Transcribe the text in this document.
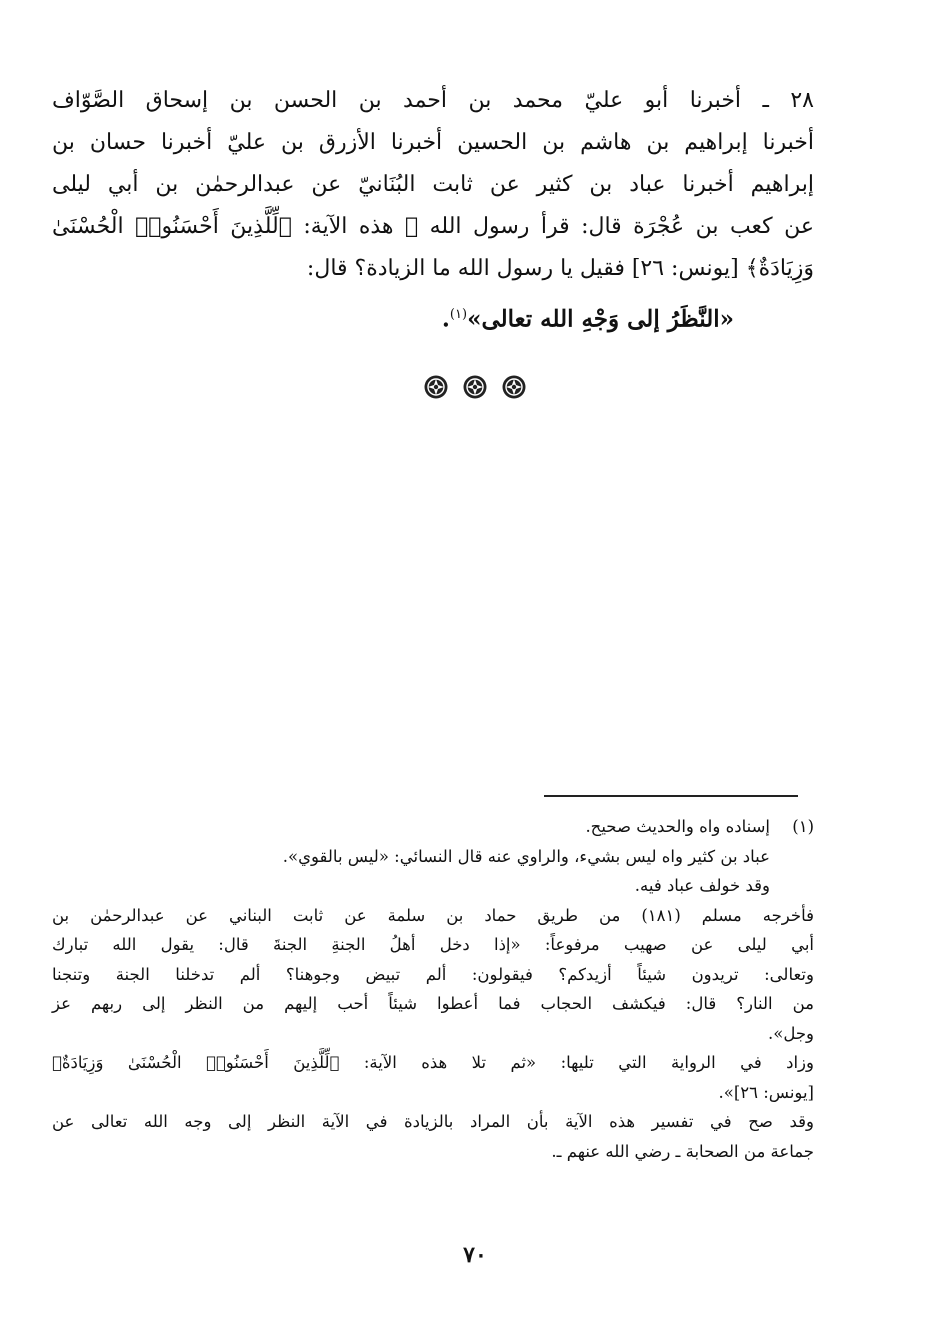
٢٨ ـ أخبرنا أبو عليّ محمد بن أحمد بن الحسن بن إسحاق الصَّوّاف
أخبرنا إبراهيم بن هاشم بن الحسين أخبرنا الأزرق بن عليّ أخبرنا حسان بن
إبراهيم أخبرنا عباد بن كثير عن ثابت البُنَانيّ عن عبدالرحمٰن بن أبي ليلى
عن كعب بن عُجْرَة قال: قرأ رسول الله ﷺ هذه الآية: ﴿لِّلَّذِينَ أَحْسَنُوا۟ الْحُسْنَىٰ
وَزِيَادَةٌ﴾ [يونس: ٢٦] فقيل يا رسول الله ما الزيادة؟ قال:
«النَّظَرُ إلى وَجْهِ الله تعالى»$^{(١)}$.

(١)
إسناده واه والحديث صحيح.
عباد بن كثير واه ليس بشيء، والراوي عنه قال النسائي: «ليس بالقوي».
وقد خولف عباد فيه.
فأخرجه مسلم (١٨١) من طريق حماد بن سلمة عن ثابت البناني عن عبدالرحمٰن بن
أبي ليلى عن صهيب مرفوعاً: «إذا دخل أهلُ الجنةِ الجنةَ قال: يقول الله تبارك
وتعالى: تريدون شيئاً أزيدكم؟ فيقولون: ألم تبيض وجوهنا؟ ألم تدخلنا الجنة وتنجنا
من النار؟ قال: فيكشف الحجاب فما أعطوا شيئاً أحب إليهم من النظر إلى ربهم عز
وجل».
وزاد في الرواية التي تليها: «ثم تلا هذه الآية: ﴿لِّلَّذِينَ أَحْسَنُوا۟ الْحُسْنَىٰ وَزِيَادَةٌ﴾
[يونس: ٢٦]».
وقد صح في تفسير هذه الآية بأن المراد بالزيادة في الآية النظر إلى وجه الله تعالى عن
جماعة من الصحابة ـ رضي الله عنهم ـ.
٧٠
